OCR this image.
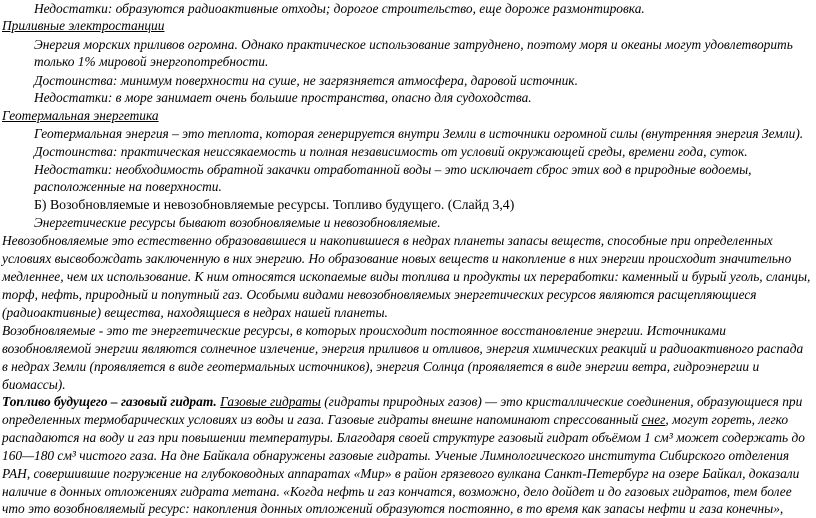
Недостатки: образуются радиоактивные отходы; дорогое строительство, еще дороже размонтировка.
Приливные электростанции
Энергия морских приливов огромна. Однако практическое использование затруднено, поэтому моря и океаны могут удовлетворить
только 1% мировой энергопотребности.
Достоинства: минимум поверхности на суше, не загрязняется атмосфера, даровой источник.
Недостатки: в море занимает очень большие пространства, опасно для судоходства.
Геотермальная энергетика
Геотермальная энергия – это теплота, которая генерируется внутри Земли в источники огромной силы (внутренняя энергия Земли).
Достоинства: практическая неиссякаемость и полная независимость от условий окружающей среды, времени года, суток.
Недостатки: необходимость обратной закачки отработанной воды – это исключает сброс этих вод в природные водоемы,
расположенные на поверхности.
Б) Возобновляемые и невозобновляемые ресурсы. Топливо будущего. (Слайд 3,4)
Энергетические ресурсы бывают возобновляемые и невозобновляемые.
Невозобновляемые это естественно образовавшиеся и накопившиеся в недрах планеты запасы веществ, способные при определенных
условиях высвобождать заключенную в них энергию. Но образование новых веществ и накопление в них энергии происходит значительно
медленнее, чем их использование. К ним относятся ископаемые виды топлива и продукты их переработки: каменный и бурый уголь, сланцы,
торф, нефть, природный и попутный газ. Особыми видами невозобновляемых энергетических ресурсов являются расщепляющиеся
(радиоактивные) вещества, находящиеся в недрах нашей планеты.
Возобновляемые - это те энергетические ресурсы, в которых происходит постоянное восстановление энергии. Источниками
возобновляемой энергии являются солнечное излечение, энергия приливов и отливов, энергия химических реакций и радиоактивного распада
в недрах Земли (проявляется в виде геотермальных источников), энергия Солнца (проявляется в виде энергии ветра, гидроэнергии и
биомассы).
Топливо будущего – газовый гидрат. Газовые гидраты (гидраты природных газов) — это кристаллические соединения, образующиеся при
определенных термобарических условиях из воды и газа. Газовые гидраты внешне напоминают спрессованный снег, могут гореть, легко
распадаются на воду и газ при повышении температуры. Благодаря своей структуре газовый гидрат объёмом 1 см³ может содержать до
160—180 см³ чистого газа. На дне Байкала обнаружены газовые гидраты. Ученые Лимнологического института Сибирского отделения
РАН, совершившие погружение на глубоководных аппаратах «Мир» в район грязевого вулкана Санкт-Петербург на озере Байкал, доказали
наличие в донных отложениях гидрата метана. «Когда нефть и газ кончатся, возможно, дело дойдет и до газовых гидратов, тем более
что это возобновляемый ресурс: накопления донных отложений образуются постоянно, в то время как запасы нефти и газа конечны»,
